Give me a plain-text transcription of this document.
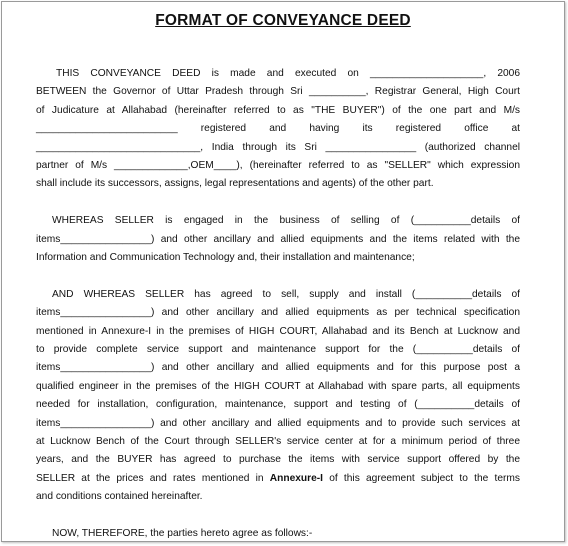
FORMAT OF CONVEYANCE DEED
THIS CONVEYANCE DEED is made and executed on ____________________, 2006
BETWEEN the Governor of Uttar Pradesh through Sri __________, Registrar General, High Court
of Judicature at Allahabad (hereinafter referred to as "THE BUYER") of the one part and M/s
_________________________ registered and having its registered office at
_____________________________, India through its Sri ________________ (authorized channel
partner of M/s _____________,OEM____), (hereinafter referred to as "SELLER" which expression
shall include its successors, assigns, legal representations and agents) of the other part.
WHEREAS SELLER is engaged in the business of selling of (__________details of
items________________) and other ancillary and allied equipments and the items related with the
Information and Communication Technology and, their installation and maintenance;
AND WHEREAS SELLER has agreed to sell, supply and install (__________details of
items________________) and other ancillary and allied equipments as per technical specification
mentioned in Annexure-I in the premises of HIGH COURT, Allahabad and its Bench at Lucknow and
to provide complete service support and maintenance support for the (__________details of
items________________) and other ancillary and allied equipments and for this purpose post a
qualified engineer in the premises of the HIGH COURT at Allahabad with spare parts, all equipments
needed for installation, configuration, maintenance, support and testing of (__________details of
items________________) and other ancillary and allied equipments and to provide such services at
at Lucknow Bench of the Court through SELLER's service center at for a minimum period of three
years, and the BUYER has agreed to purchase the items with service support offered by the
SELLER at the prices and rates mentioned in Annexure-I of this agreement subject to the terms
and conditions contained hereinafter.
NOW, THEREFORE, the parties hereto agree as follows:-
